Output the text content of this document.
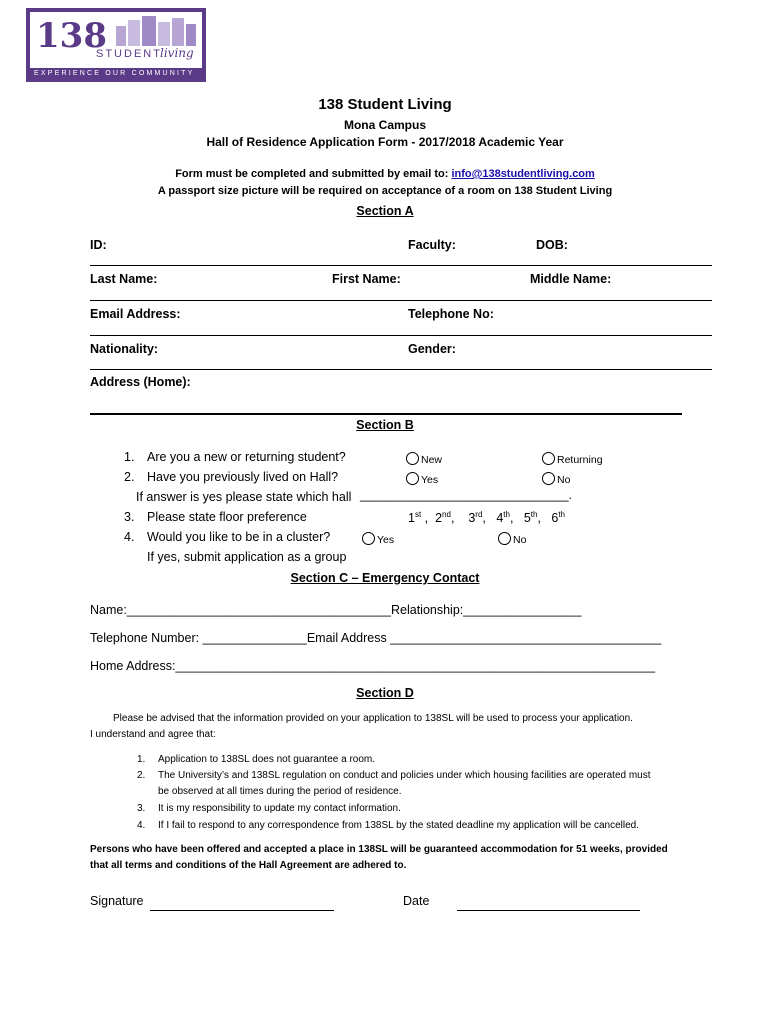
138
STUDENT
living
EXPERIENCE OUR COMMUNITY
138 Student Living
Mona Campus
Hall of Residence Application Form - 2017/2018 Academic Year
Form must be completed and submitted by email to: info@138studentliving.com
A passport size picture will be required on acceptance of a room on 138 Student Living
Section A
ID:	Faculty:	DOB:
Last Name:	First Name:	Middle Name:
Email Address:	Telephone No:
Nationality:	Gender:
Address (Home):
Section B
1. Are you a new or returning student?	New	Returning
2. Have you previously lived on Hall?	Yes	No
If answer is yes please state which hall ______________________________.
3. Please state floor preference	1st ,  2nd,    3rd,   4th,   5th,   6th
4. Would you like to be in a cluster?	Yes	No
If yes, submit application as a group
Section C – Emergency Contact
Name:______________________________________Relationship:_________________
Telephone Number: _______________Email Address _______________________________________
Home Address:_____________________________________________________________________
Section D
Please be advised that the information provided on your application to 138SL will be used to process your application.
I understand and agree that:
1. Application to 138SL does not guarantee a room.
2. The University’s and 138SL regulation on conduct and policies under which housing facilities are operated must
be observed at all times during the period of residence.
3. It is my responsibility to update my contact information.
4. If I fail to respond to any correspondence from 138SL by the stated deadline my application will be cancelled.
Persons who have been offered and accepted a place in 138SL will be guaranteed accommodation for 51 weeks, provided
that all terms and conditions of the Hall Agreement are adhered to.
Signature	Date
